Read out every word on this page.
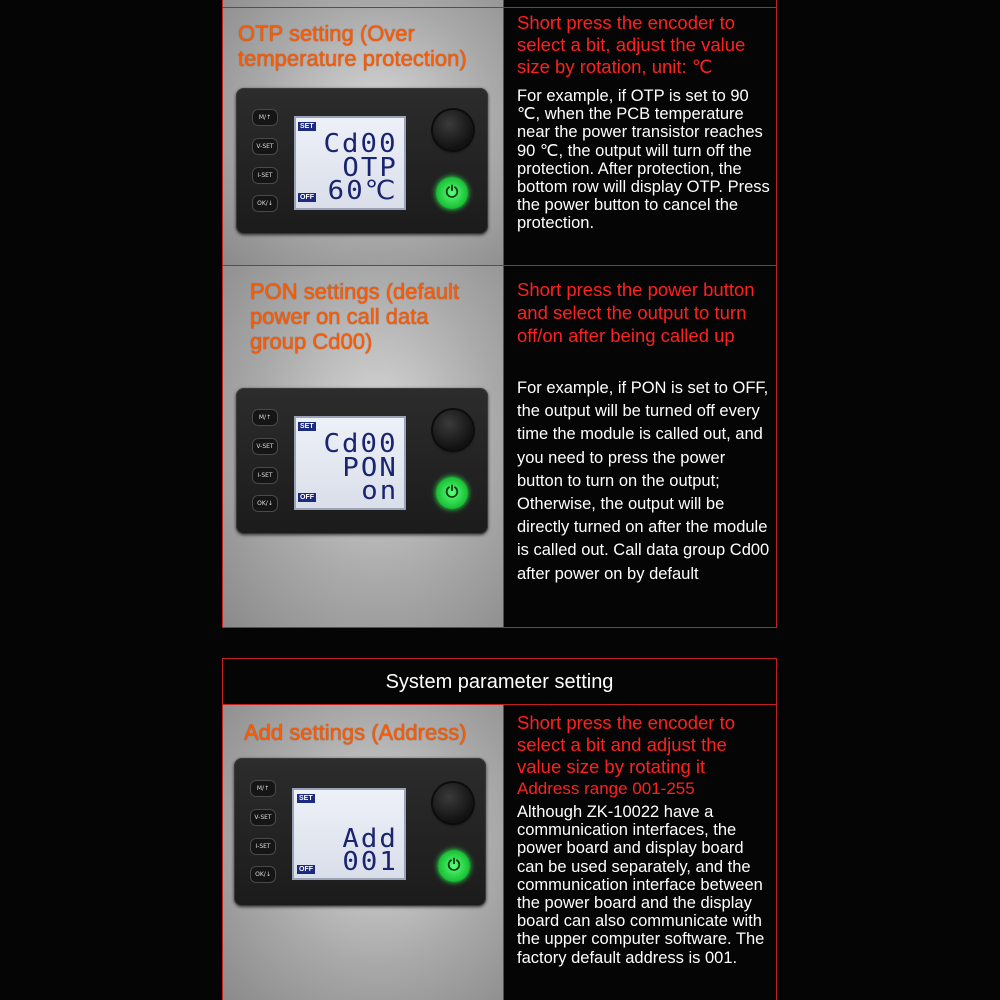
OTP setting (Over temperature protection)
Short press the encoder to select a bit, adjust the value size by rotation, unit: ℃
For example, if OTP is set to 90 ℃, when the PCB temperature near the power transistor reaches 90 ℃, the output will turn off the protection. After protection, the bottom row will display OTP. Press the power button to cancel the protection.
M/↑
V-SET
I-SET
OK/↓
SET
Cd00
OTP
60℃
OFF	⏻
PON settings (default power on call data group Cd00)
Short press the power button and select the output to turn off/on after being called up
For example, if PON is set to OFF, the output will be turned off every time the module is called out, and you need to press the power button to turn on the output; Otherwise, the output will be directly turned on after the module is called out. Call data group Cd00 after power on by default
M/↑
V-SET
I-SET
OK/↓
SET
Cd00
PON
on
OFF	⏻
System parameter setting
Add settings (Address)	Short press the encoder to select a bit and adjust the value size by rotating it
Address range 001-255
Although ZK-10022 have a communication interfaces, the power board and display board can be used separately, and the communication interface between the power board and the display board can also communicate with the upper computer software. The factory default address is 001.
M/↑
V-SET
I-SET
OK/↓
SET
Add
001
OFF	⏻
